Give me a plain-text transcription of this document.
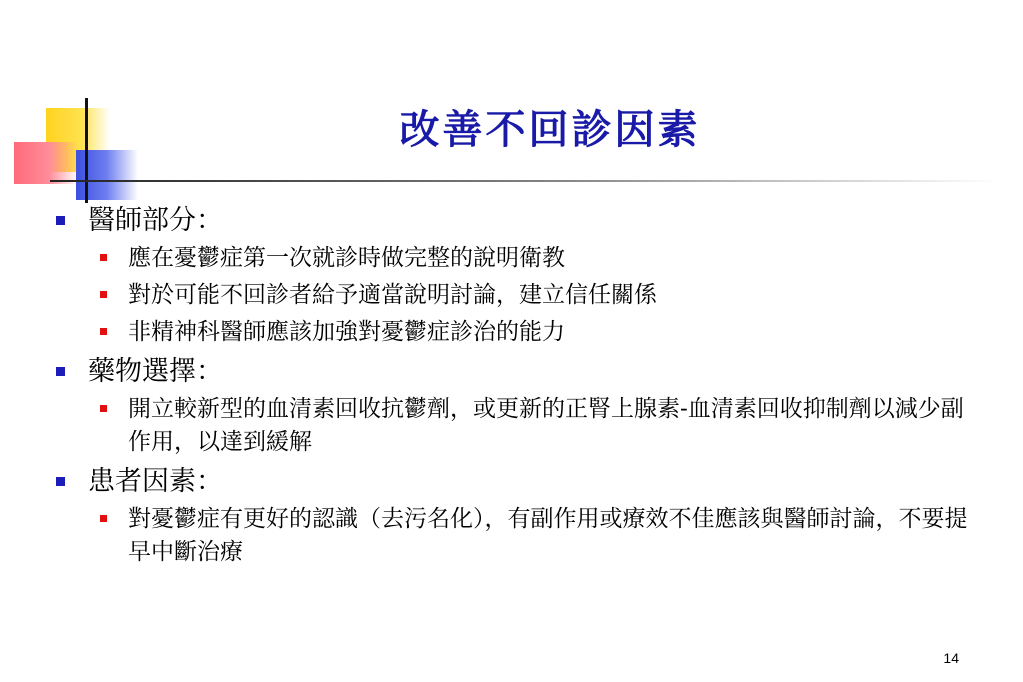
改善不回診因素
醫師部分：
應在憂鬱症第一次就診時做完整的說明衛教
對於可能不回診者給予適當說明討論，建立信任關係
非精神科醫師應該加強對憂鬱症診治的能力
藥物選擇：
開立較新型的血清素回收抗鬱劑，或更新的正腎上腺素-血清素回收抑制劑以減少副作用，以達到緩解
患者因素：
對憂鬱症有更好的認識（去污名化），有副作用或療效不佳應該與醫師討論，不要提早中斷治療
14
